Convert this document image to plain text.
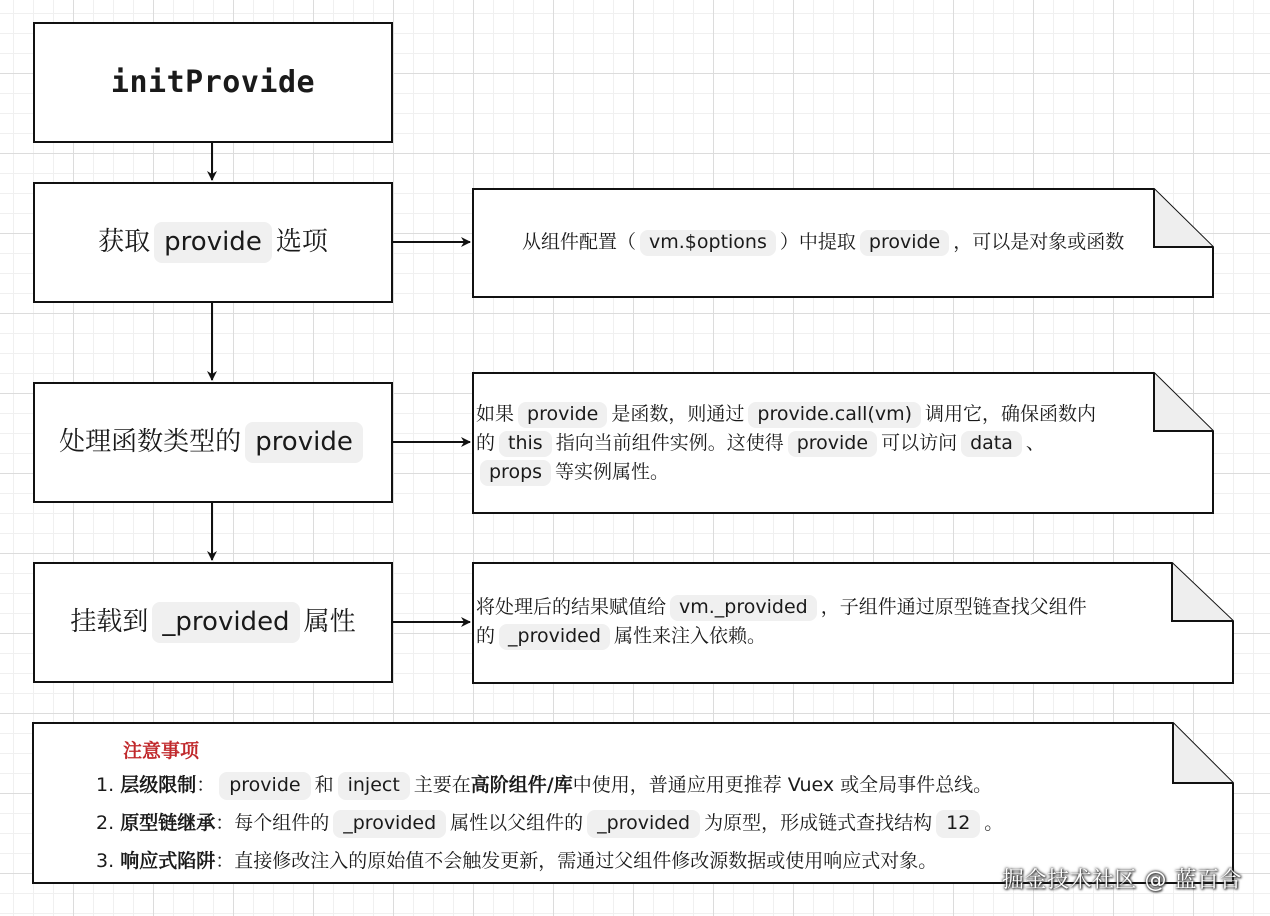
initProvide
获取 provide 选项
处理函数类型的 provide
挂载到 _provided 属性
从组件配置（ vm.$options ）中提取 provide ，可以是对象或函数
如果 provide 是函数，则通过 provide.call(vm) 调用它，确保函数内
的 this 指向当前组件实例。这使得 provide 可以访问 data 、
props 等实例属性。
将处理后的结果赋值给 vm._provided ，子组件通过原型链查找父组件
的 _provided 属性来注入依赖。
注意事项
1. 层级限制： provide 和 inject 主要在高阶组件/库中使用，普通应用更推荐 Vuex 或全局事件总线。
2. 原型链继承：每个组件的 _provided 属性以父组件的 _provided 为原型，形成链式查找结构 12 。
3. 响应式陷阱：直接修改注入的原始值不会触发更新，需通过父组件修改源数据或使用响应式对象。
掘金技术社区 @ 蓝百合
